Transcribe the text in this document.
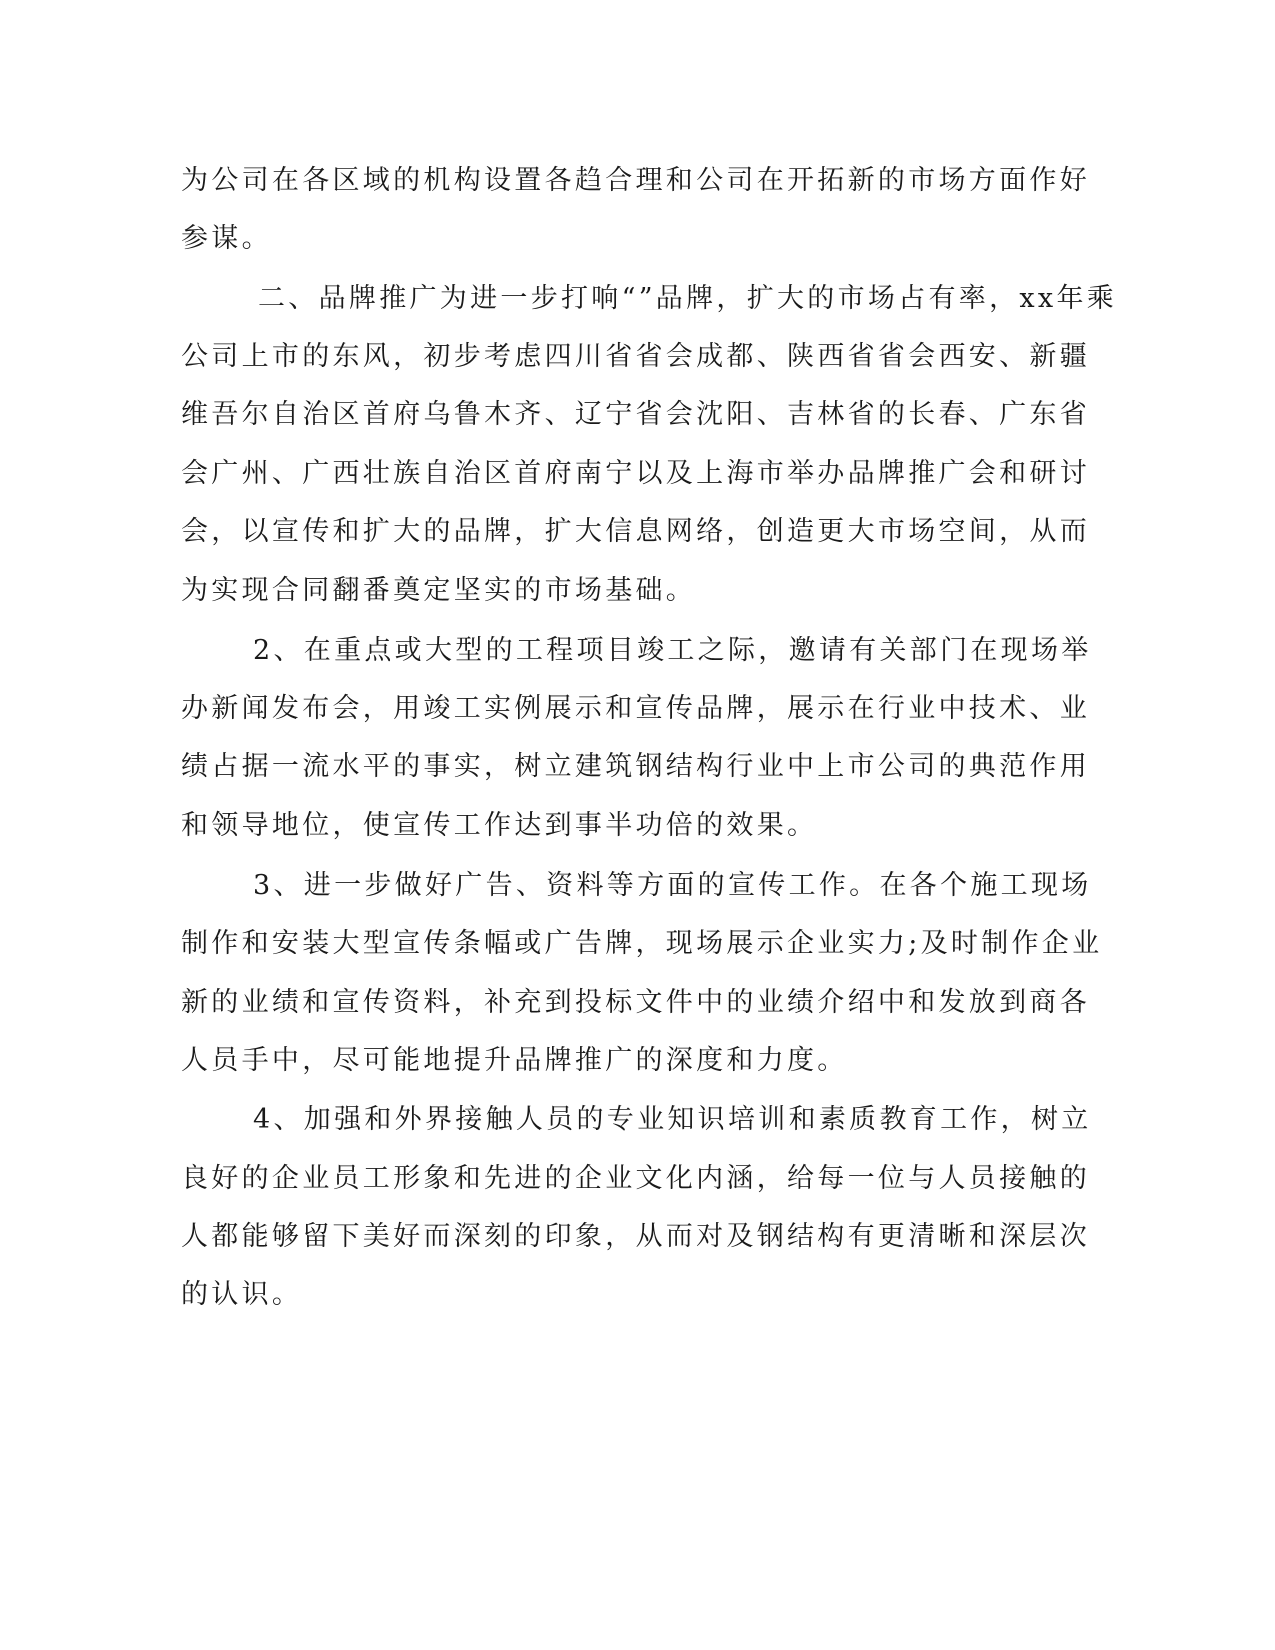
为公司在各区域的机构设置各趋合理和公司在开拓新的市场方面作好
参谋。
二、品牌推广为进一步打响“”品牌，扩大的市场占有率，xx年乘
公司上市的东风，初步考虑四川省省会成都、陕西省省会西安、新疆
维吾尔自治区首府乌鲁木齐、辽宁省会沈阳、吉林省的长春、广东省
会广州、广西壮族自治区首府南宁以及上海市举办品牌推广会和研讨
会，以宣传和扩大的品牌，扩大信息网络，创造更大市场空间，从而
为实现合同翻番奠定坚实的市场基础。
2、在重点或大型的工程项目竣工之际，邀请有关部门在现场举
办新闻发布会，用竣工实例展示和宣传品牌，展示在行业中技术、业
绩占据一流水平的事实，树立建筑钢结构行业中上市公司的典范作用
和领导地位，使宣传工作达到事半功倍的效果。
3、进一步做好广告、资料等方面的宣传工作。在各个施工现场
制作和安装大型宣传条幅或广告牌，现场展示企业实力;及时制作企业
新的业绩和宣传资料，补充到投标文件中的业绩介绍中和发放到商各
人员手中，尽可能地提升品牌推广的深度和力度。
4、加强和外界接触人员的专业知识培训和素质教育工作，树立
良好的企业员工形象和先进的企业文化内涵，给每一位与人员接触的
人都能够留下美好而深刻的印象，从而对及钢结构有更清晰和深层次
的认识。
